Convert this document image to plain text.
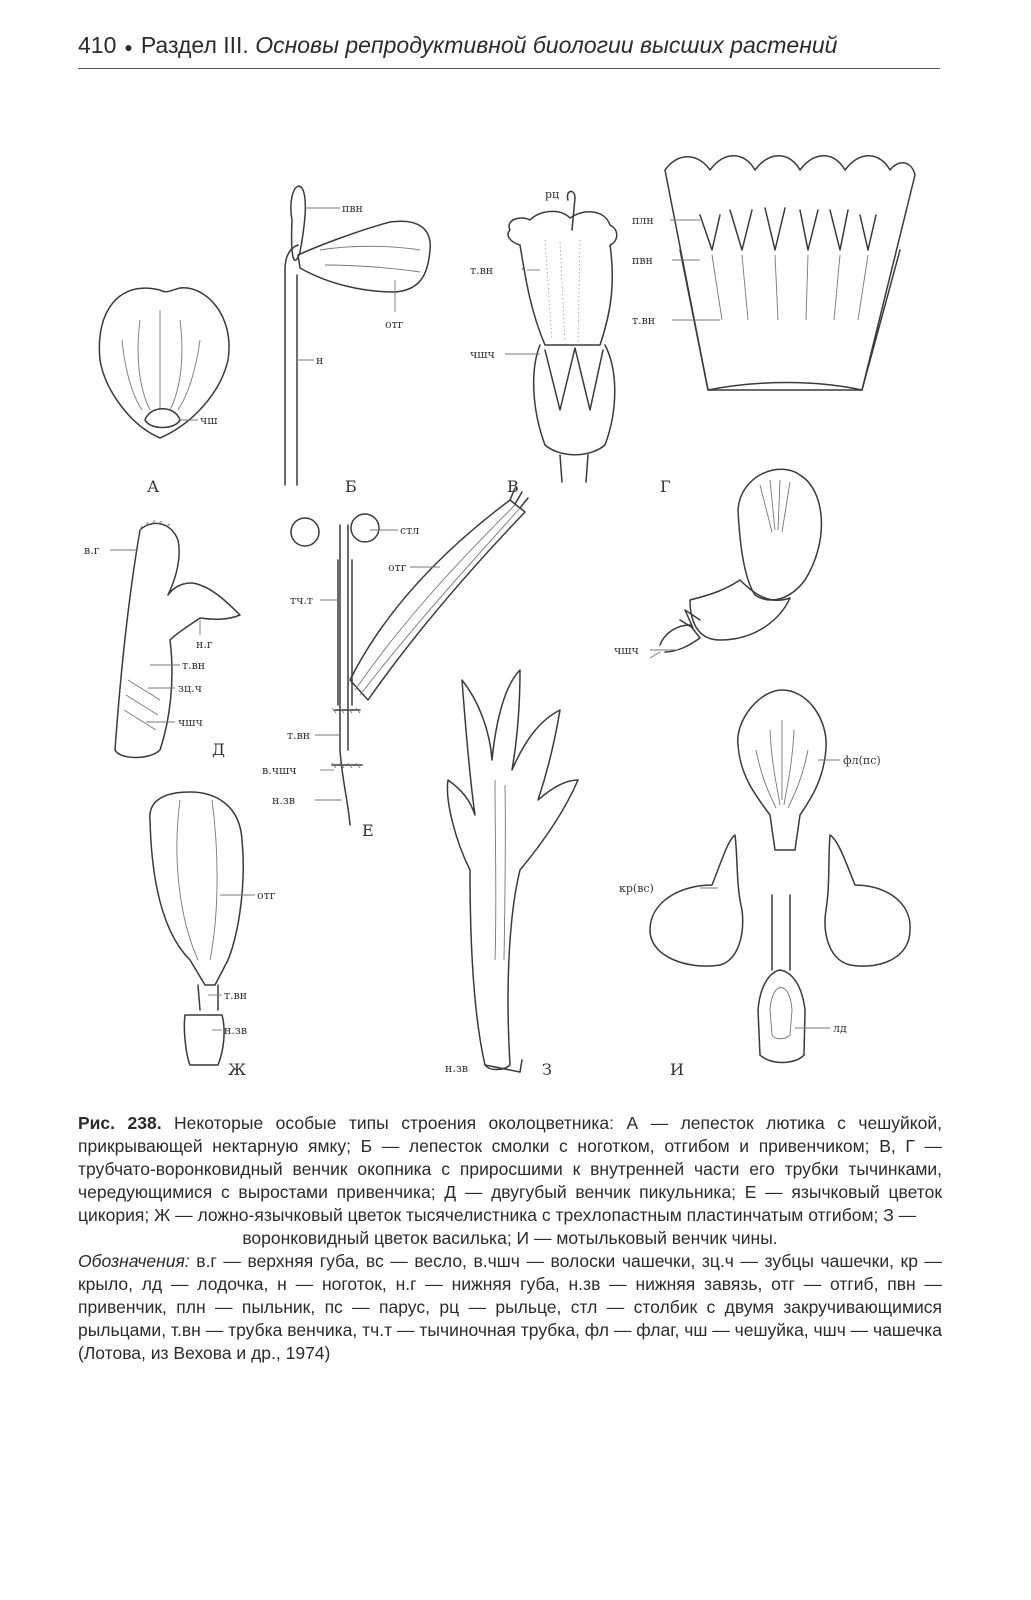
410 ● Раздел III. Основы репродуктивной биологии высших растений
чш
А
пвн
отг
н
Б
рц
т.вн
чшч
В
плн
пвн
т.вн
Г
в.г
н.г
т.вн
зц.ч
чшч
Д
стл
отг
тч.т
т.вн
в.чшч
н.зв
Е
отг
т.вн
н.зв
Ж	н.зв	З
чшч
фл(пс)
кр(вс)
лд
И

Рис. 238. Некоторые особые типы строения околоцветника: А — лепесток лютика с чешуйкой, прикрывающей нектарную ямку; Б — лепесток смолки с ноготком, отгибом и привенчиком; В, Г — трубчато-воронковидный венчик окопника с приросшими к внутренней части его трубки тычинками, чередующимися с выростами привенчика; Д — двугубый венчик пикульника; Е — язычковый цветок цикория; Ж — ложно-язычковый цветок тысячелистника с трехлопастным пластинчатым отгибом; З —

воронковидный цветок василька; И — мотыльковый венчик чины.

Обозначения: в.г — верхняя губа, вс — весло, в.чшч — волоски чашечки, зц.ч — зубцы чашечки, кр — крыло, лд — лодочка, н — ноготок, н.г — нижняя губа, н.зв — нижняя завязь, отг — отгиб, пвн — привенчик, плн — пыльник, пс — парус, рц — рыльце, стл — столбик с двумя закручивающимися рыльцами, т.вн — трубка венчика, тч.т — тычиночная трубка, фл — флаг, чш — чешуйка, чшч — чашечка (Лотова, из Вехова и др., 1974)
